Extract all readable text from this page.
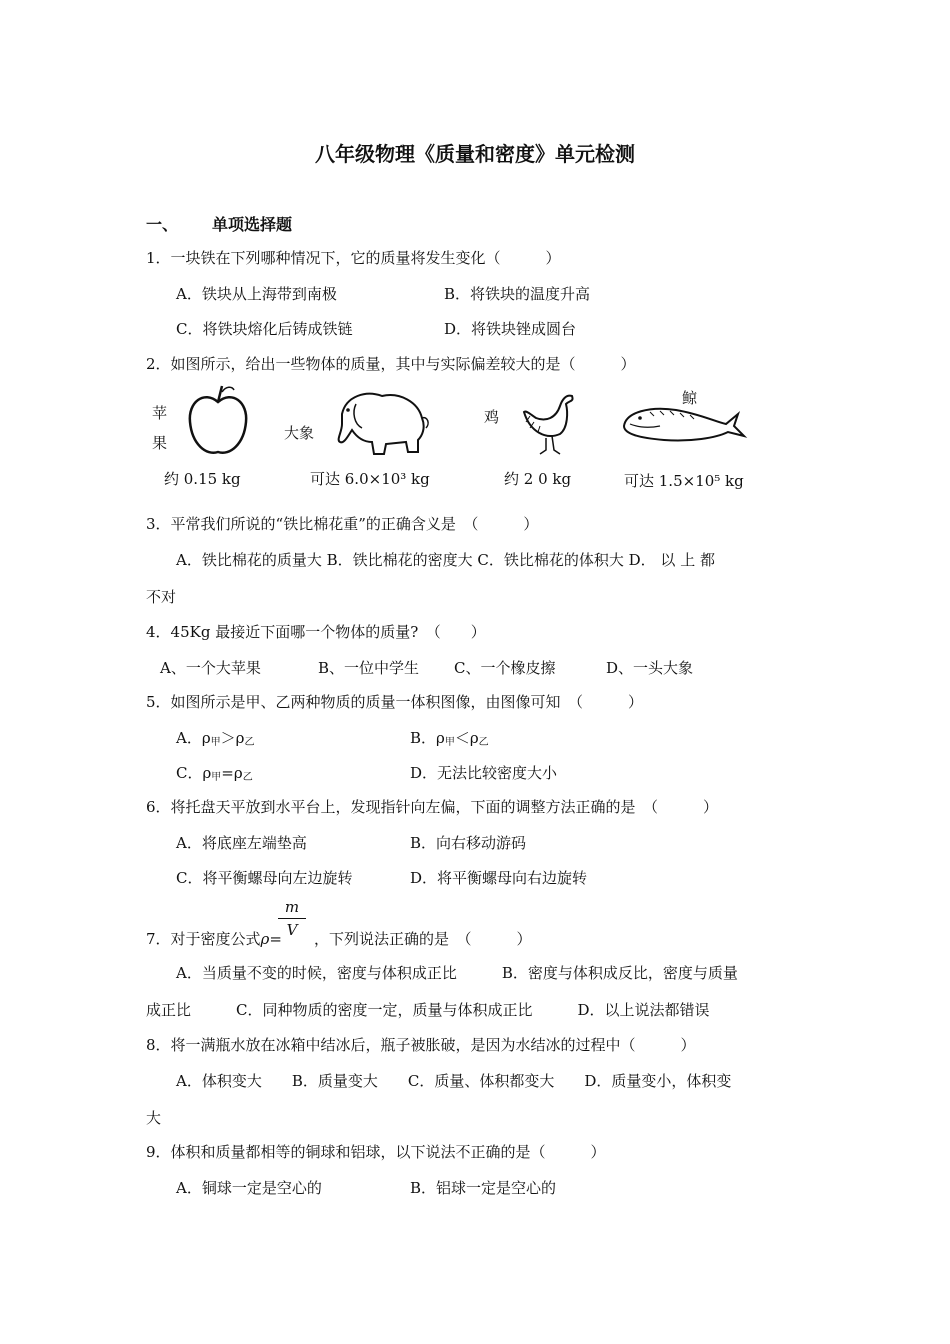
八年级物理《质量和密度》单元检测
一、 单项选择题
1．一块铁在下列哪种情况下，它的质量将发生变化（　　　）
A．铁块从上海带到南极	B．将铁块的温度升高
C．将铁块熔化后铸成铁链	D．将铁块锉成圆台
2．如图所示，给出一些物体的质量，其中与实际偏差较大的是（　　　）
苹
果
约 0.15 kg
大象
可达 6.0×10³ kg
鸡
约 2 0 kg
鲸
可达 1.5×10⁵ kg
3．平常我们所说的“铁比棉花重”的正确含义是　（　　　）
A．铁比棉花的质量大 B．铁比棉花的密度大 C．铁比棉花的体积大 D． 以 上 都
不对
4．45Kg 最接近下面哪一个物体的质量?　（　　）
A、一个大苹果	B、一位中学生 C、一个橡皮擦	D、一头大象
5．如图所示是甲、乙两种物质的质量一体积图像，由图像可知　（　　　）
A．$\rho_甲>\rho_乙$	B．$\rho_甲<\rho_乙$
C．$\rho_甲=\rho_乙$	D．无法比较密度大小
6．将托盘天平放到水平台上，发现指针向左偏，下面的调整方法正确的是　（　　　）
A．将底座左端垫高	B．向右移动游码
C．将平衡螺母向左边旋转	D．将平衡螺母向右边旋转
7．对于密度公式ρ=
m
V	，下列说法正确的是　（　　　）
A．当质量不变的时候，密度与体积成正比　　　B．密度与体积成反比，密度与质量
成正比　　　C．同种物质的密度一定，质量与体积成正比　　　D．以上说法都错误
8．将一满瓶水放在冰箱中结冰后，瓶子被胀破，是因为水结冰的过程中（　　　）
A．体积变大　　B．质量变大　　C．质量、体积都变大　　D．质量变小，体积变
大
9．体积和质量都相等的铜球和铝球，以下说法不正确的是（　　　）
A．铜球一定是空心的	B．铝球一定是空心的
